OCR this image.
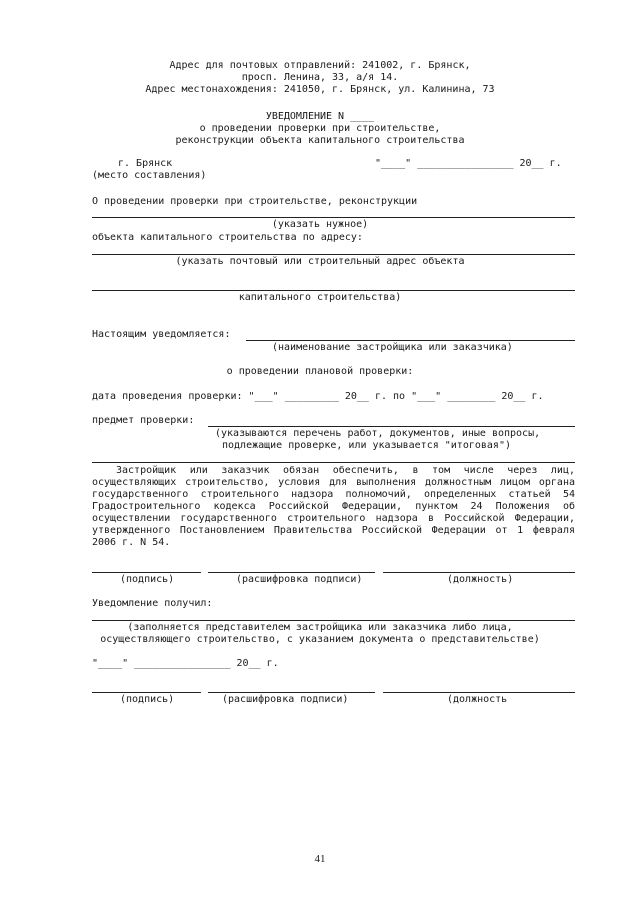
Адрес для почтовых отправлений: 241002, г. Брянск,
просп. Ленина, 33, а/я 14.
Адрес местонахождения: 241050, г. Брянск, ул. Калинина, 73
УВЕДОМЛЕНИЕ N ____
о проведении проверки при строительстве,
реконструкции объекта капитального строительства
г. Брянск	"____" ________________ 20__ г.
(место составления)
О проведении проверки при строительстве, реконструкции
(указать нужное)
объекта капитального строительства по адресу:
(указать почтовый или строительный адрес объекта
капитального строительства)
Настоящим уведомляется:
(наименование застройщика или заказчика)
о проведении плановой проверки:
дата проведения проверки: "___" _________ 20__ г. по "___" ________ 20__ г.
предмет проверки:
(указываются перечень работ, документов, иные вопросы,
подлежащие проверке, или указывается "итоговая")
Застройщик или заказчик обязан обеспечить, в том числе через лиц, осуществляющих строительство, условия для выполнения должностным лицом органа государственного строительного надзора полномочий, определенных статьей 54 Градостроительного кодекса Российской Федерации, пунктом 24 Положения об осуществлении государственного строительного надзора в Российской Федерации, утвержденного Постановлением Правительства Российской Федерации от 1 февраля 2006 г. N 54.
(подпись)	(расшифровка подписи)	(должность)
Уведомление получил:
(заполняется представителем застройщика или заказчика либо лица,
осуществляющего строительство, с указанием документа о представительстве)
"____" ________________ 20__ г.
(подпись)	(расшифровка подписи)	(должность
41
